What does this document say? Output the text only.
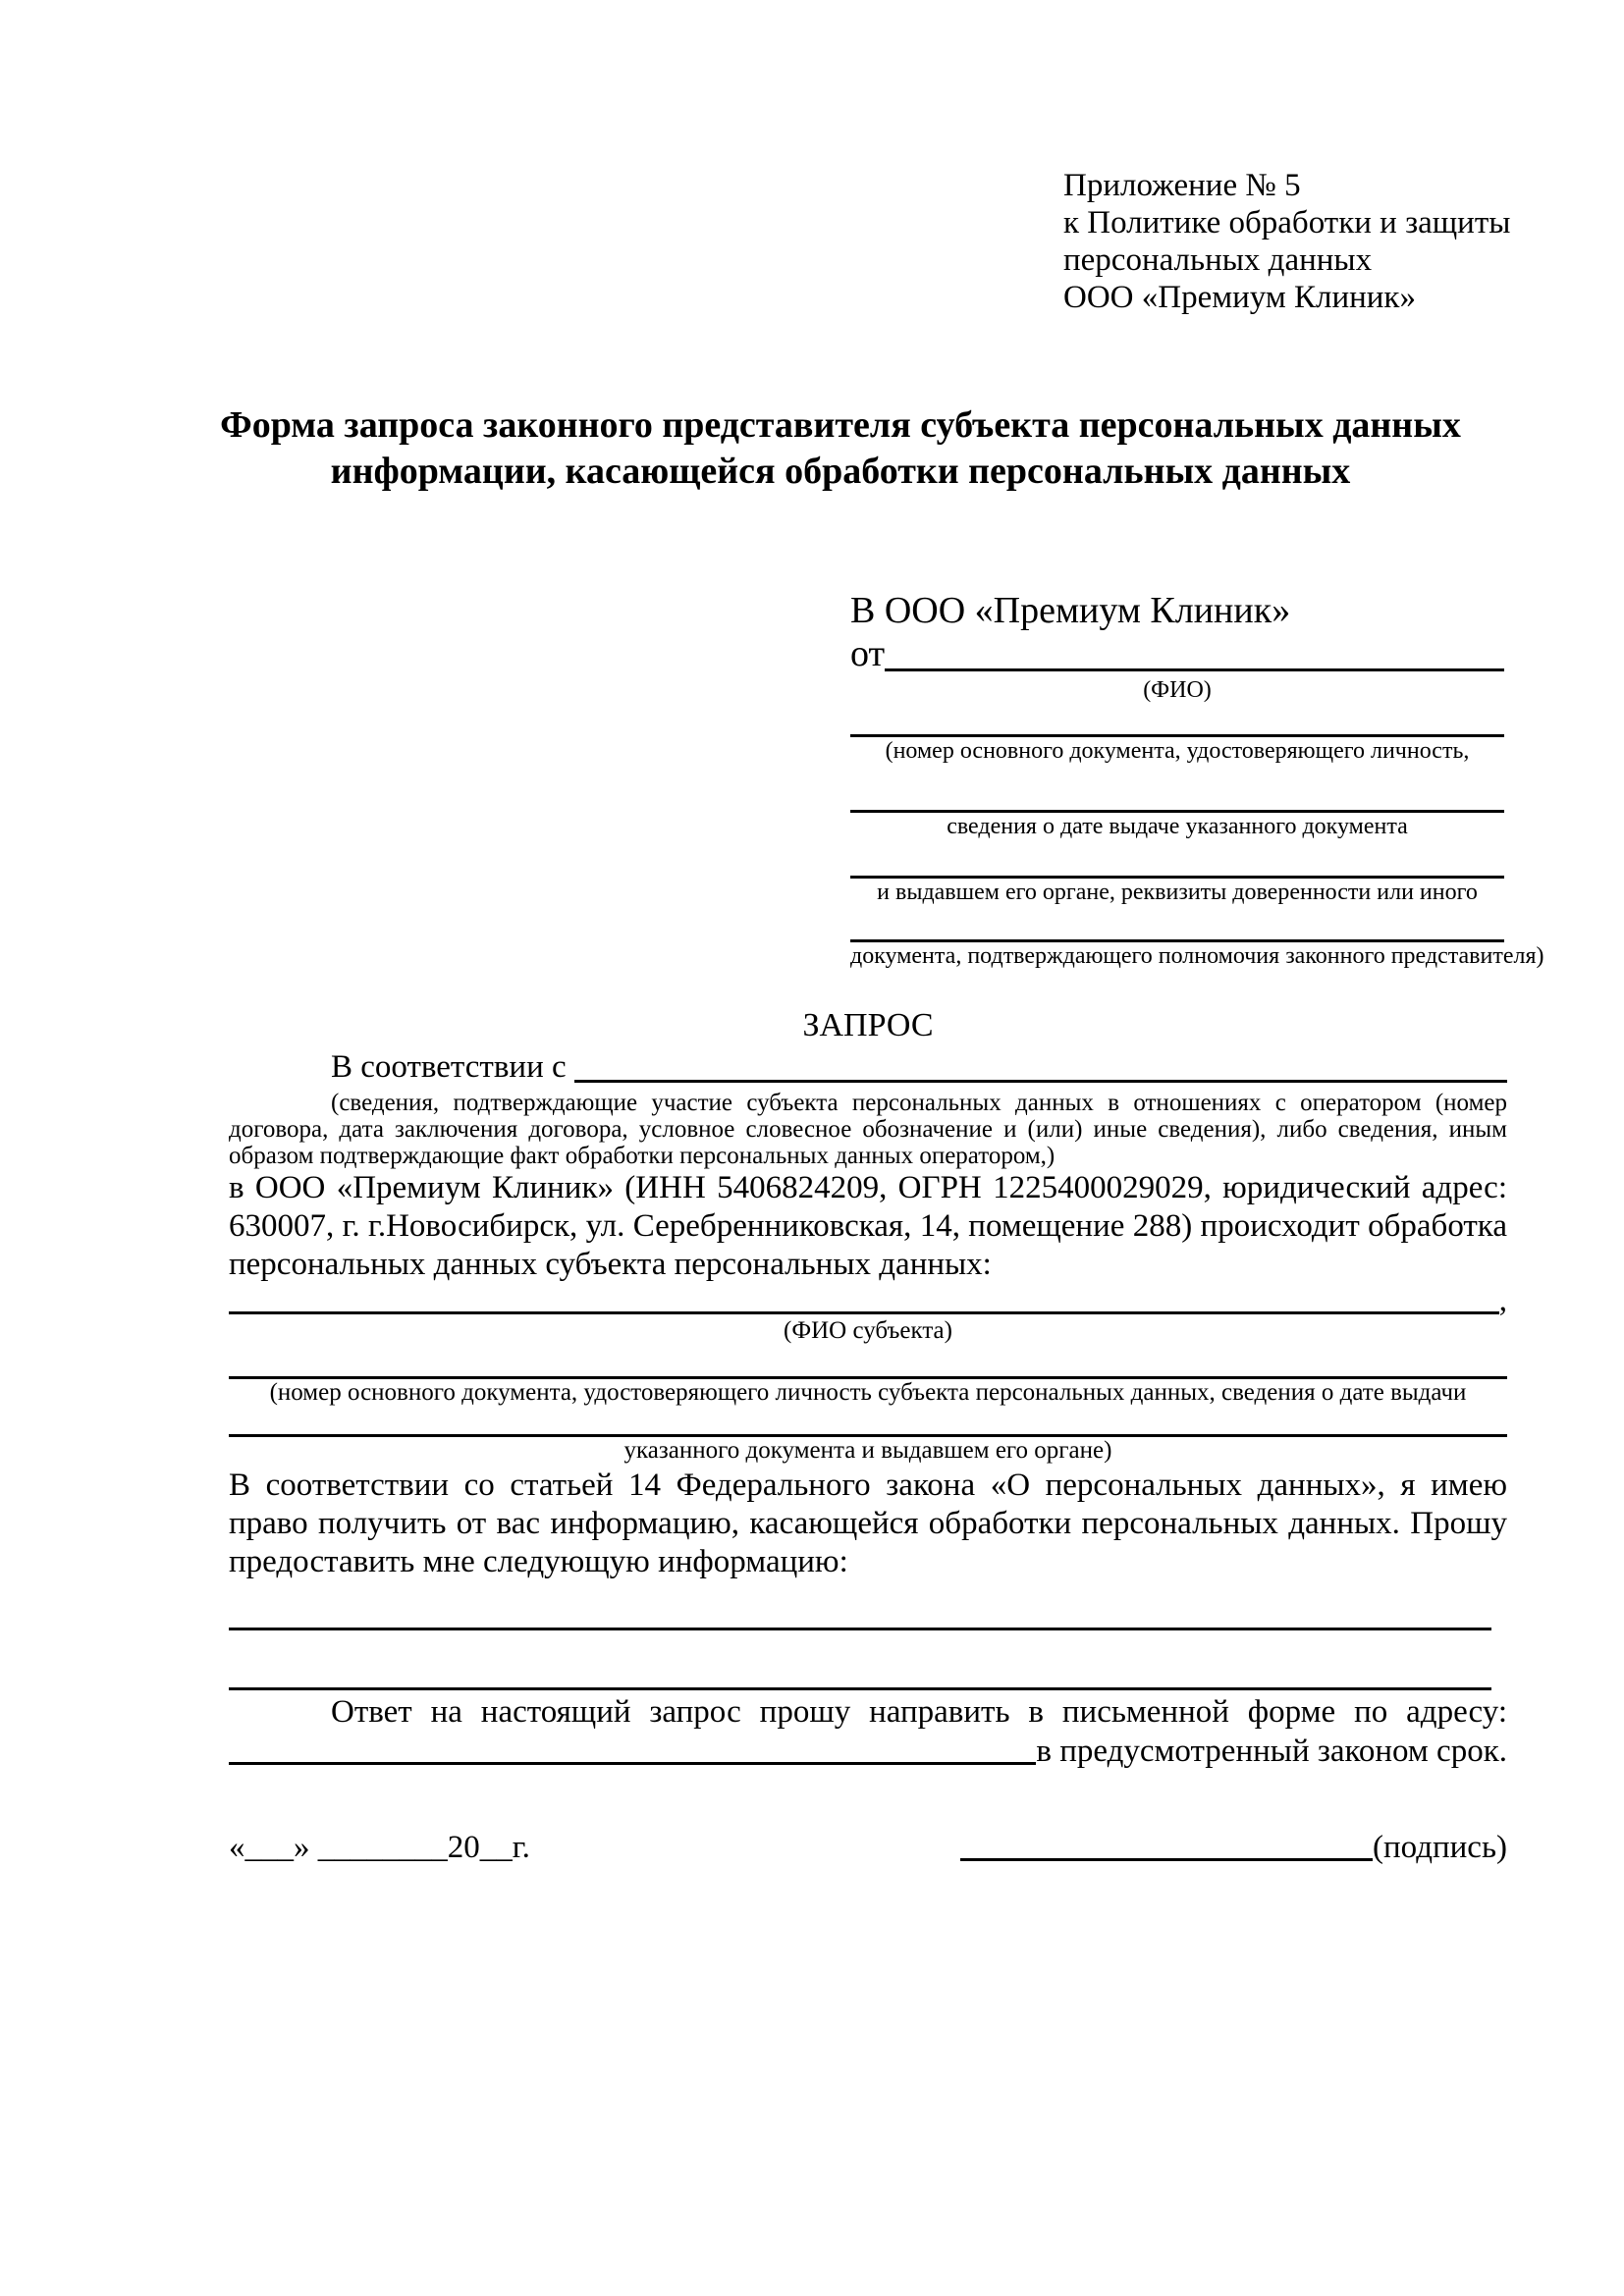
Приложение № 5
к Политике обработки и защиты
персональных данных
ООО «Премиум Клиник»
Форма запроса законного представителя субъекта персональных данных информации, касающейся обработки персональных данных
В ООО «Премиум Клиник»
от
(ФИО)
(номер основного документа, удостоверяющего личность,
сведения о дате выдаче указанного документа
и выдавшем его органе, реквизиты доверенности или иного
документа, подтверждающего полномочия законного представителя)
ЗАПРОС
В соответствии с
(сведения, подтверждающие участие субъекта персональных данных в отношениях с оператором (номер договора, дата заключения договора, условное словесное обозначение и (или) иные сведения), либо сведения, иным образом подтверждающие факт обработки персональных данных оператором,)
в ООО «Премиум Клиник» (ИНН 5406824209, ОГРН 1225400029029, юридический адрес: 630007, г. г.Новосибирск, ул. Серебренниковская, 14, помещение 288) происходит обработка персональных данных субъекта персональных данных:
,
(ФИО субъекта)
(номер основного документа, удостоверяющего личность субъекта персональных данных, сведения о дате выдачи
указанного документа и выдавшем его органе)
В соответствии со статьей 14 Федерального закона «О персональных данных», я имею право получить от вас информацию, касающейся обработки персональных данных. Прошу предоставить мне следующую информацию:
Ответ на настоящий запрос прошу направить в письменной форме по адресу:
в предусмотренный законом срок.
«___» ________20__г.	(подпись)
